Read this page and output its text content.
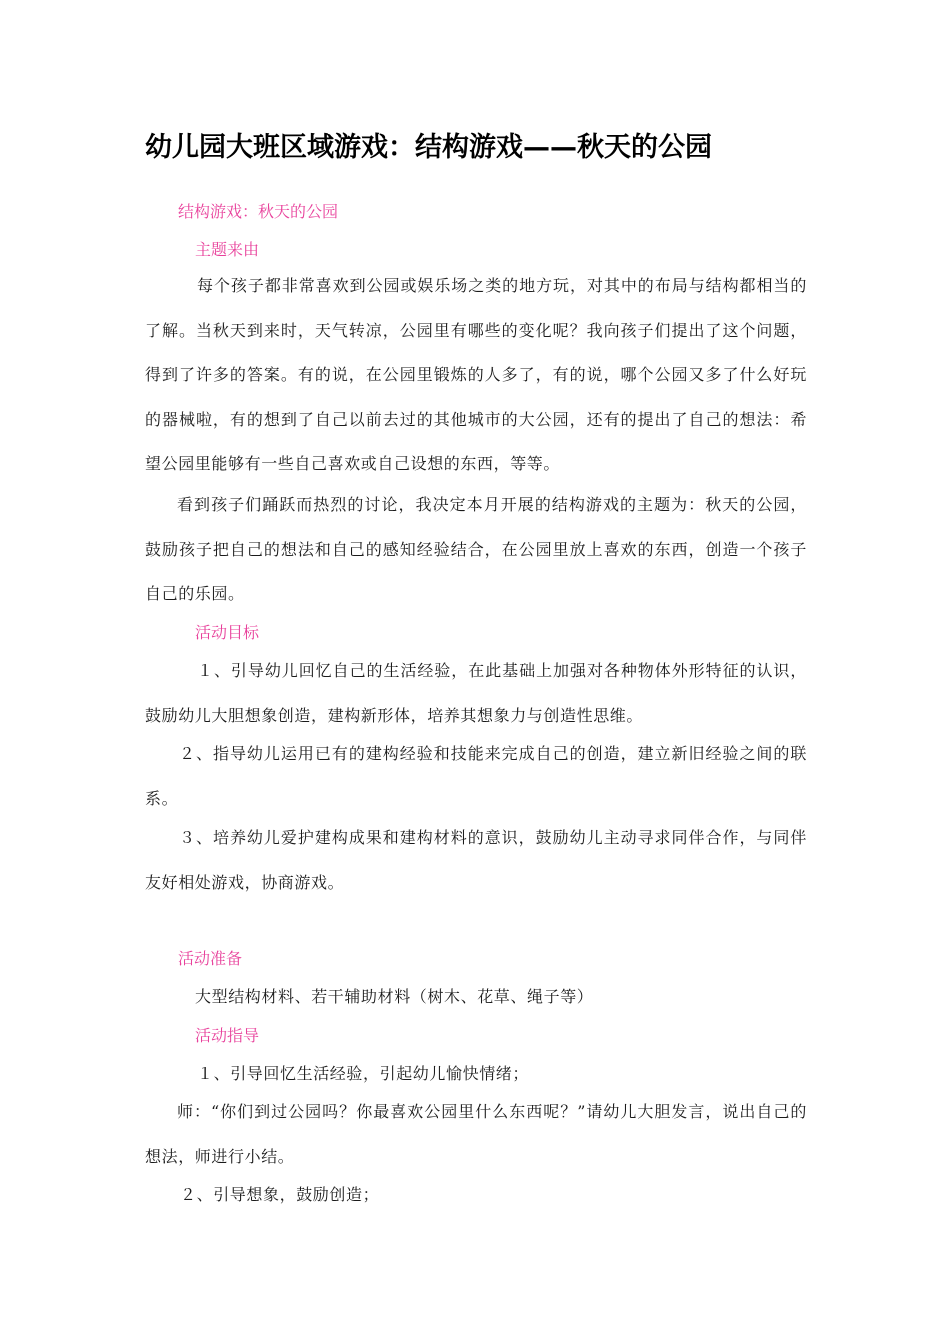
幼儿园大班区域游戏：结构游戏——秋天的公园
结构游戏：秋天的公园
主题来由
每个孩子都非常喜欢到公园或娱乐场之类的地方玩，对其中的布局与结构都相当的了解。当秋天到来时，天气转凉，公园里有哪些的变化呢？我向孩子们提出了这个问题，得到了许多的答案。有的说，在公园里锻炼的人多了，有的说，哪个公园又多了什么好玩的器械啦，有的想到了自己以前去过的其他城市的大公园，还有的提出了自己的想法：希望公园里能够有一些自己喜欢或自己设想的东西，等等。
看到孩子们踊跃而热烈的讨论，我决定本月开展的结构游戏的主题为：秋天的公园，鼓励孩子把自己的想法和自己的感知经验结合，在公园里放上喜欢的东西，创造一个孩子自己的乐园。
活动目标
１、引导幼儿回忆自己的生活经验，在此基础上加强对各种物体外形特征的认识，鼓励幼儿大胆想象创造，建构新形体，培养其想象力与创造性思维。
２、指导幼儿运用已有的建构经验和技能来完成自己的创造，建立新旧经验之间的联系。
３、培养幼儿爱护建构成果和建构材料的意识，鼓励幼儿主动寻求同伴合作，与同伴友好相处游戏，协商游戏。
活动准备
大型结构材料、若干辅助材料（树木、花草、绳子等）
活动指导
１、引导回忆生活经验，引起幼儿愉快情绪；
师：“你们到过公园吗？你最喜欢公园里什么东西呢？”请幼儿大胆发言，说出自己的想法，师进行小结。
２、引导想象，鼓励创造；
